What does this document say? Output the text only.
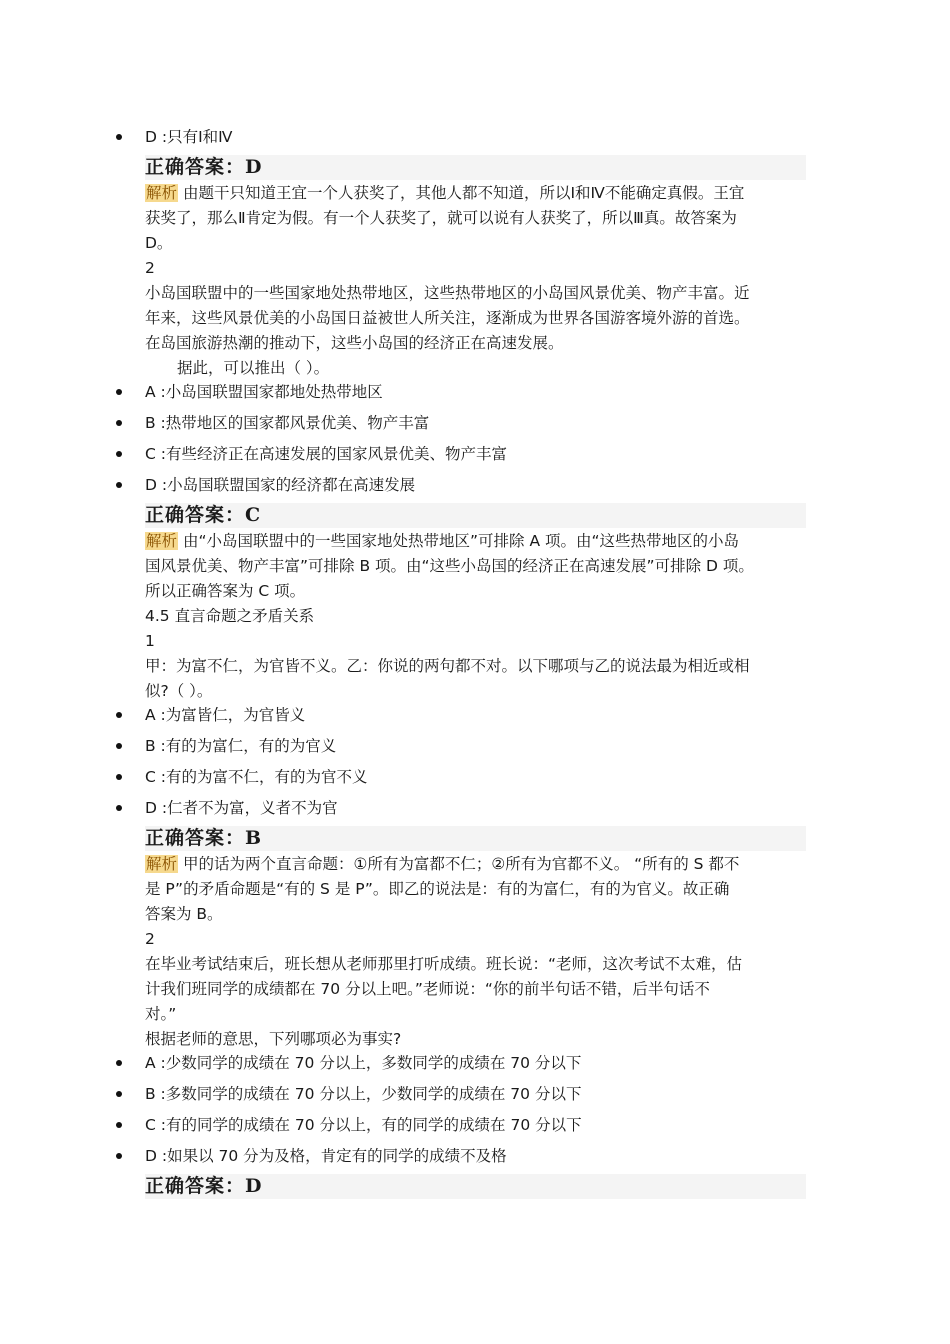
D :只有Ⅰ和Ⅳ
正确答案：D
解析 由题干只知道王宜一个人获奖了，其他人都不知道，所以Ⅰ和Ⅳ不能确定真假。王宜
获奖了，那么Ⅱ肯定为假。有一个人获奖了，就可以说有人获奖了，所以Ⅲ真。故答案为
D。
2
小岛国联盟中的一些国家地处热带地区，这些热带地区的小岛国风景优美、物产丰富。近
年来，这些风景优美的小岛国日益被世人所关注，逐渐成为世界各国游客境外游的首选。
在岛国旅游热潮的推动下，这些小岛国的经济正在高速发展。
据此，可以推出（ ）。
A :小岛国联盟国家都地处热带地区
B :热带地区的国家都风景优美、物产丰富
C :有些经济正在高速发展的国家风景优美、物产丰富
D :小岛国联盟国家的经济都在高速发展
正确答案：C
解析 由“小岛国联盟中的一些国家地处热带地区”可排除 A 项。由“这些热带地区的小岛
国风景优美、物产丰富”可排除 B 项。由“这些小岛国的经济正在高速发展”可排除 D 项。
所以正确答案为 C 项。
4.5 直言命题之矛盾关系
1
甲：为富不仁，为官皆不义。乙：你说的两句都不对。以下哪项与乙的说法最为相近或相
似?（ ）。
A :为富皆仁，为官皆义
B :有的为富仁，有的为官义
C :有的为富不仁，有的为官不义
D :仁者不为富，义者不为官
正确答案：B
解析 甲的话为两个直言命题：①所有为富都不仁；②所有为官都不义。 “所有的 S 都不
是 P”的矛盾命题是“有的 S 是 P”。即乙的说法是：有的为富仁，有的为官义。故正确
答案为 B。
2
在毕业考试结束后，班长想从老师那里打听成绩。班长说：“老师，这次考试不太难，估
计我们班同学的成绩都在 70 分以上吧。”老师说：“你的前半句话不错，后半句话不
对。”
根据老师的意思，下列哪项必为事实?
A :少数同学的成绩在 70 分以上，多数同学的成绩在 70 分以下
B :多数同学的成绩在 70 分以上，少数同学的成绩在 70 分以下
C :有的同学的成绩在 70 分以上，有的同学的成绩在 70 分以下
D :如果以 70 分为及格，肯定有的同学的成绩不及格
正确答案：D
